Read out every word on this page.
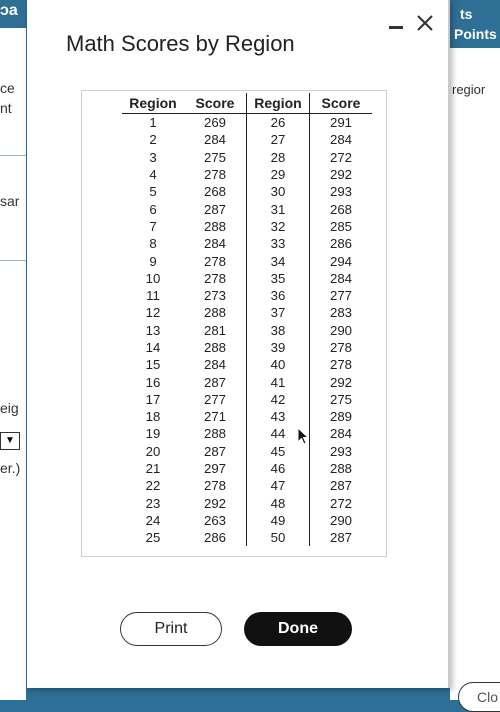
ɔa
ce
nt
sar
eig
▼
er.)
ts
Points
regior
Clo
Math Scores by Region
Region	Score	Region	Score
1	269	26	291
2	284	27	284
3	275	28	272
4	278	29	292
5	268	30	293
6	287	31	268
7	288	32	285
8	284	33	286
9	278	34	294
10	278	35	284
11	273	36	277
12	288	37	283
13	281	38	290
14	288	39	278
15	284	40	278
16	287	41	292
17	277	42	275
18	271	43	289
19	288	44	284
20	287	45	293
21	297	46	288
22	278	47	287
23	292	48	272
24	263	49	290
25	286	50	287
Print	Done
